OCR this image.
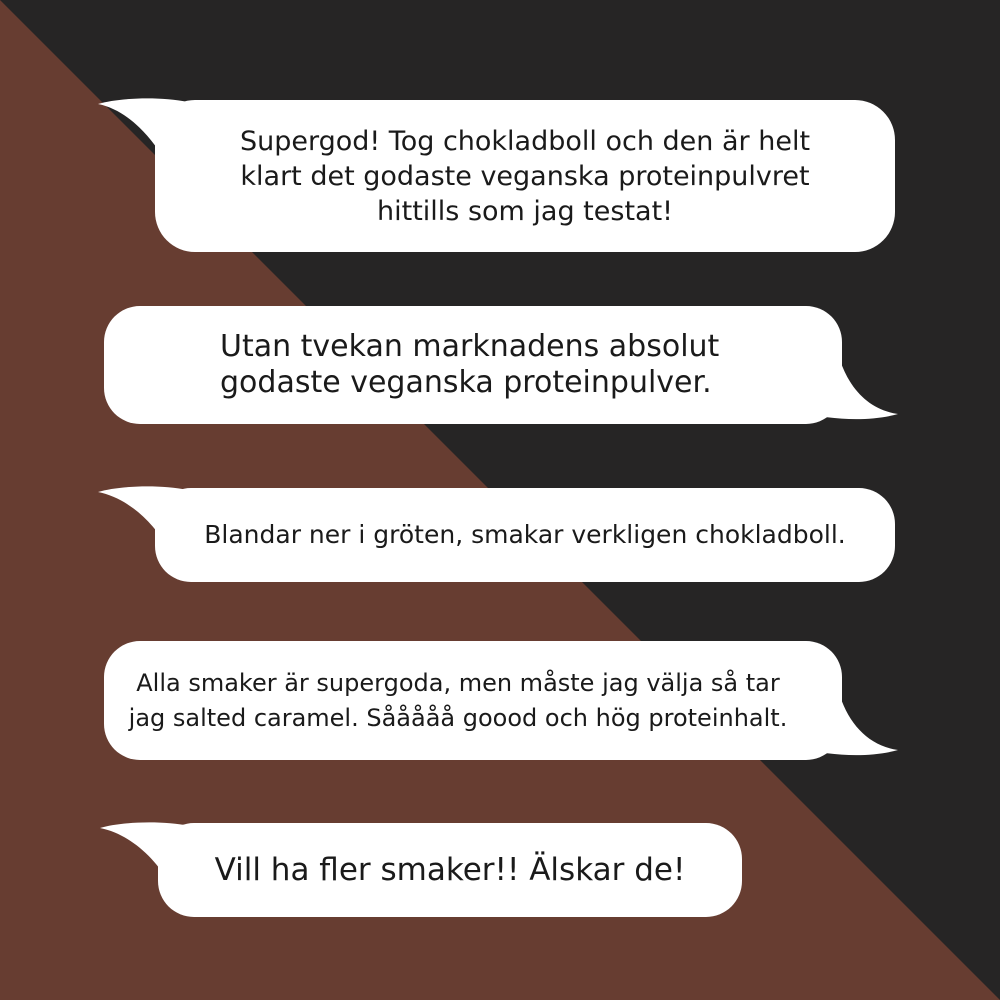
Supergod! Tog chokladboll och den är helt
klart det godaste veganska proteinpulvret
hittills som jag testat!
Utan tvekan marknadens absolut
godaste veganska proteinpulver.
Blandar ner i gröten, smakar verkligen chokladboll.
Alla smaker är supergoda, men måste jag välja så tar
jag salted caramel. Sååååå goood och hög proteinhalt.
Vill ha fler smaker!! Älskar de!
